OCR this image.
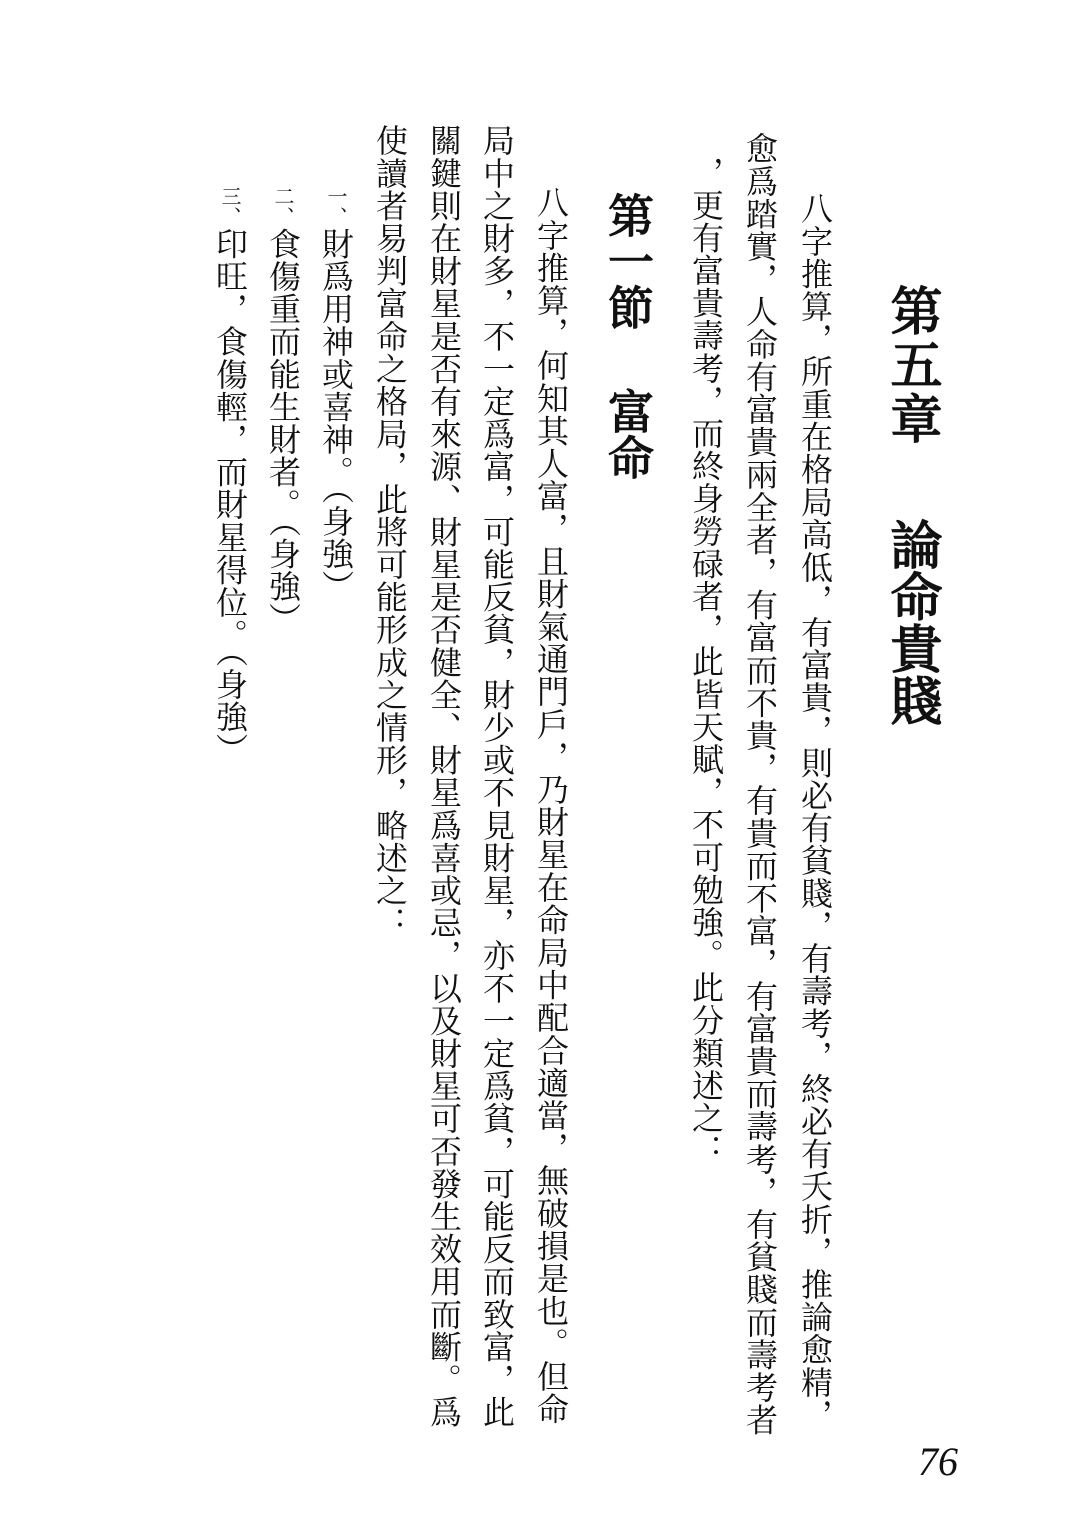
第五章論命貴賤

八字推算，所重在格局高低，有富貴，則必有貧賤，有壽考，終必有夭折，推論愈精，

愈爲踏實，人命有富貴兩全者，有富而不貴，有貴而不富，有富貴而壽考，有貧賤而壽考者

，更有富貴壽考，而終身勞碌者，此皆天賦，不可勉強。此分類述之：

第一節富命

八字推算，何知其人富，且財氣通門戶，乃財星在命局中配合適當，無破損是也。但命

局中之財多，不一定爲富，可能反貧，財少或不見財星，亦不一定爲貧，可能反而致富，此

關鍵則在財星是否有來源、財星是否健全、財星爲喜或忌，以及財星可否發生效用而斷。爲

使讀者易判富命之格局，此將可能形成之情形，略述之：

一、財爲用神或喜神。（身強）

二、食傷重而能生財者。（身強）

三、印旺，食傷輕，而財星得位。（身強）

76
